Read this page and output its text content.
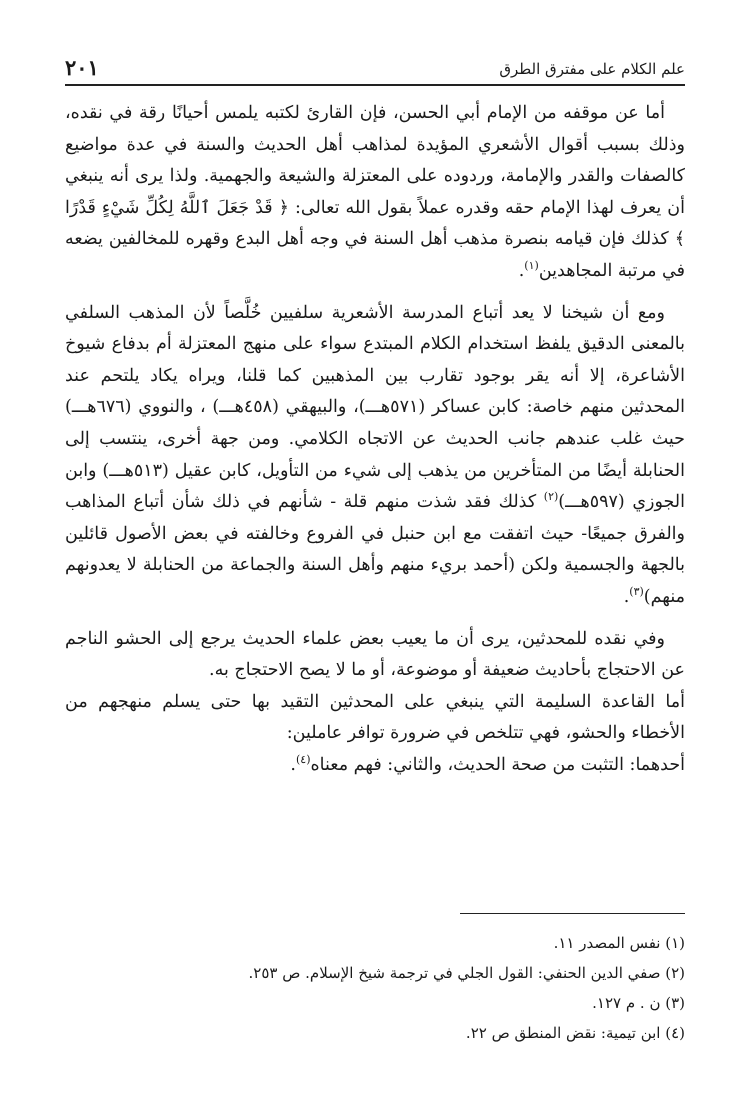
علم الكلام على مفترق الطرق
٢٠١

أما عن موقفه من الإمام أبي الحسن، فإن القارئ لكتبه يلمس أحيانًا رقة في نقده، وذلك بسبب أقوال الأشعري المؤيدة لمذاهب أهل الحديث والسنة في عدة مواضيع كالصفات والقدر والإمامة، وردوده على المعتزلة والشيعة والجهمية. ولذا يرى أنه ينبغي أن يعرف لهذا الإمام حقه وقدره عملاً بقول الله تعالى: ﴿ قَدْ جَعَلَ ٱللَّهُ لِكُلِّ شَيْءٍ قَدْرًا ﴾ كذلك فإن قيامه بنصرة مذهب أهل السنة في وجه أهل البدع وقهره للمخالفين يضعه في مرتبة المجاهدين$^{(١)}$.

ومع أن شيخنا لا يعد أتباع المدرسة الأشعرية سلفيين خُلَّصاً لأن المذهب السلفي بالمعنى الدقيق يلفظ استخدام الكلام المبتدع سواء على منهج المعتزلة أم بدفاع شيوخ الأشاعرة، إلا أنه يقر بوجود تقارب بين المذهبين كما قلنا، ويراه يكاد يلتحم عند المحدثين منهم خاصة: كابن عساكر (٥٧١هـــ)، والبيهقي (٤٥٨هـــ) ، والنووي (٦٧٦هـــ) حيث غلب عندهم جانب الحديث عن الاتجاه الكلامي. ومن جهة أخرى، ينتسب إلى الحنابلة أيضًا من المتأخرين من يذهب إلى شيء من التأويل، كابن عقيل (٥١٣هـــ) وابن الجوزي (٥٩٧هـــ)$^{(٢)}$ كذلك فقد شذت منهم قلة - شأنهم في ذلك شأن أتباع المذاهب والفرق جميعًا- حيث اتفقت مع ابن حنبل في الفروع وخالفته في بعض الأصول قائلين بالجهة والجسمية ولكن (أحمد بريء منهم وأهل السنة والجماعة من الحنابلة لا يعدونهم منهم)$^{(٣)}$.

وفي نقده للمحدثين، يرى أن ما يعيب بعض علماء الحديث يرجع إلى الحشو الناجم عن الاحتجاج بأحاديث ضعيفة أو موضوعة، أو ما لا يصح الاحتجاج به.

أما القاعدة السليمة التي ينبغي على المحدثين التقيد بها حتى يسلم منهجهم من الأخطاء والحشو، فهي تتلخص في ضرورة توافر عاملين:

أحدهما: التثبت من صحة الحديث، والثاني: فهم معناه$^{(٤)}$.

(١) نفس المصدر ١١.

(٢) صفي الدين الحنفي: القول الجلي في ترجمة شيخ الإسلام. ص ٢٥٣.

(٣) ن . م ١٢٧.

(٤) ابن تيمية: نقض المنطق ص ٢٢.
